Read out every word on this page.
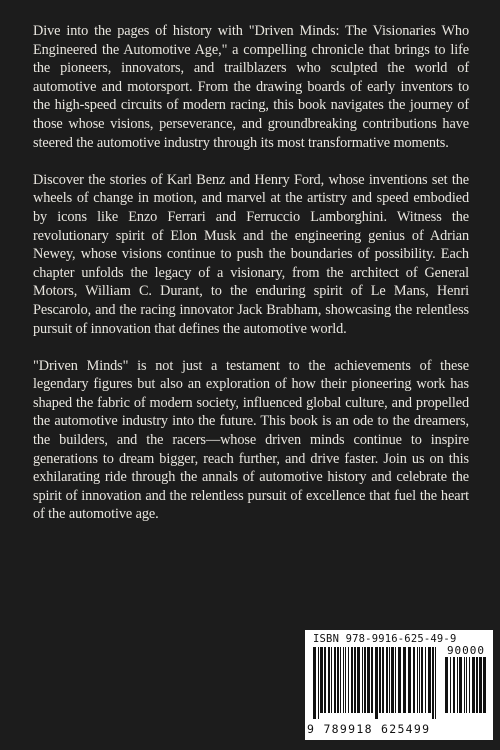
Dive into the pages of history with "Driven Minds: The Visionaries Who Engineered the Automotive Age," a compelling chronicle that brings to life the pioneers, innovators, and trailblazers who sculpted the world of automotive and motorsport. From the drawing boards of early inventors to the high-speed circuits of modern racing, this book navigates the journey of those whose visions, perseverance, and groundbreaking contributions have steered the automotive industry through its most transformative moments.

Discover the stories of Karl Benz and Henry Ford, whose inventions set the wheels of change in motion, and marvel at the artistry and speed embodied by icons like Enzo Ferrari and Ferruccio Lamborghini. Witness the revolutionary spirit of Elon Musk and the engineering genius of Adrian Newey, whose visions continue to push the boundaries of possibility. Each chapter unfolds the legacy of a visionary, from the architect of General Motors, William C. Durant, to the enduring spirit of Le Mans, Henri Pescarolo, and the racing innovator Jack Brabham, showcasing the relentless pursuit of innovation that defines the automotive world.

"Driven Minds" is not just a testament to the achievements of these legendary figures but also an exploration of how their pioneering work has shaped the fabric of modern society, influenced global culture, and propelled the automotive industry into the future. This book is an ode to the dreamers, the builders, and the racers—whose driven minds continue to inspire generations to dream bigger, reach further, and drive faster. Join us on this exhilarating ride through the annals of automotive history and celebrate the spirit of innovation and the relentless pursuit of excellence that fuel the heart of the automotive age.

ISBN 978-9916-625-49-9
90000
9 789918 625499
